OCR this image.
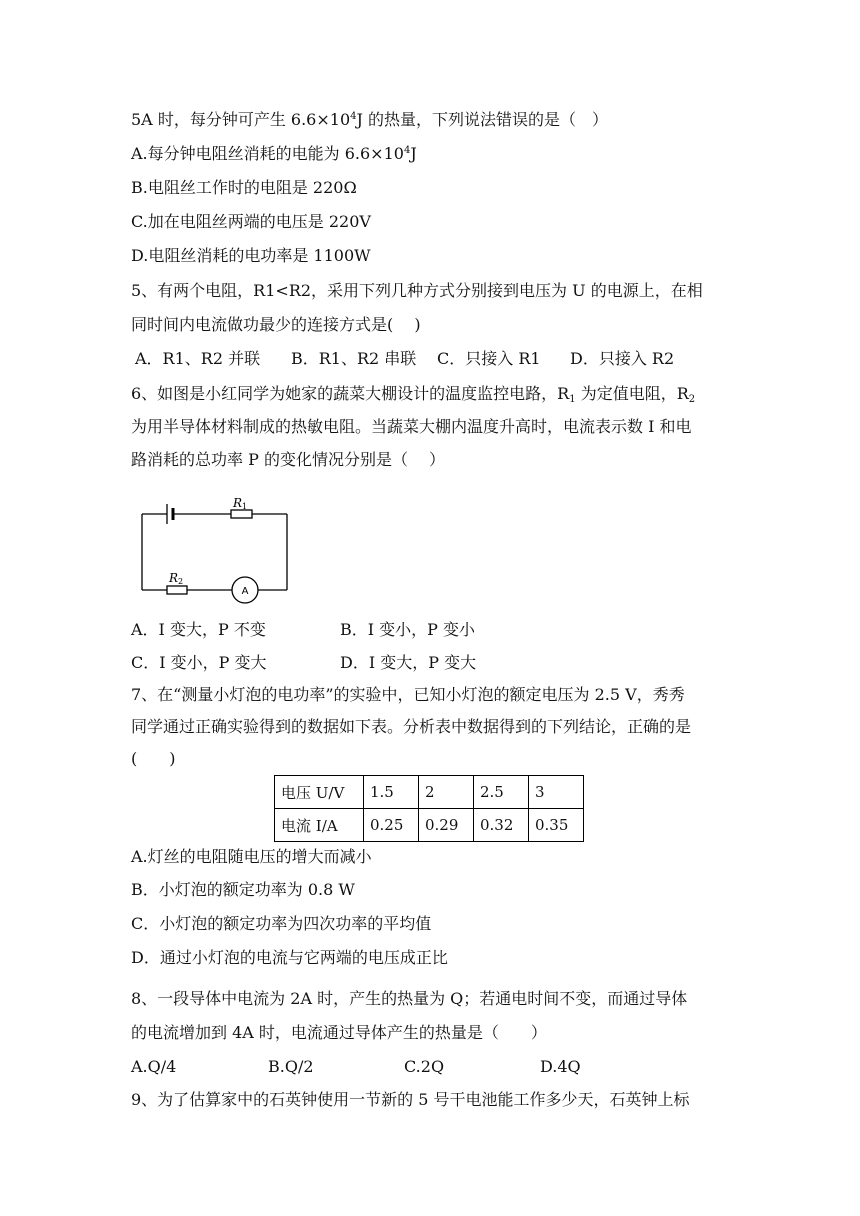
5A 时，每分钟可产生 $6.6\times 10^4J$ 的热量，下列说法错误的是（　）
A.每分钟电阻丝消耗的电能为 $6.6\times 10^4J$
B.电阻丝工作时的电阻是 220Ω
C.加在电阻丝两端的电压是 220V
D.电阻丝消耗的电功率是 1100W
5、有两个电阻，R1<R2，采用下列几种方式分别接到电压为 U 的电源上，在相
同时间内电流做功最少的连接方式是(　 )
A．R1、R2 并联 B．R1、R2 串联 C．只接入 R1 D．只接入 R2
6、如图是小红同学为她家的蔬菜大棚设计的温度监控电路，$R_1$ 为定值电阻，$R_2$
为用半导体材料制成的热敏电阻。当蔬菜大棚内温度升高时，电流表示数 I 和电
路消耗的总功率 P 的变化情况分别是（　 ）
R1
R2
A
A．I 变大，P 不变	B．I 变小，P 变小
C．I 变小，P 变大	D．I 变大，P 变大
7、在“测量小灯泡的电功率”的实验中，已知小灯泡的额定电压为 2.5 V，秀秀
同学通过正确实验得到的数据如下表。分析表中数据得到的下列结论，正确的是
(　　)
电压 U/V	1.5	2	2.5	3
电流 I/A	0.25	0.29	0.32	0.35
A.灯丝的电阻随电压的增大而减小
B．小灯泡的额定功率为 0.8 W
C．小灯泡的额定功率为四次功率的平均值
D．通过小灯泡的电流与它两端的电压成正比
8、一段导体中电流为 2A 时，产生的热量为 Q；若通电时间不变，而通过导体
的电流增加到 4A 时，电流通过导体产生的热量是（　　）
A.Q/4	B.Q/2	C.2Q	D.4Q
9、为了估算家中的石英钟使用一节新的 5 号干电池能工作多少天，石英钟上标
